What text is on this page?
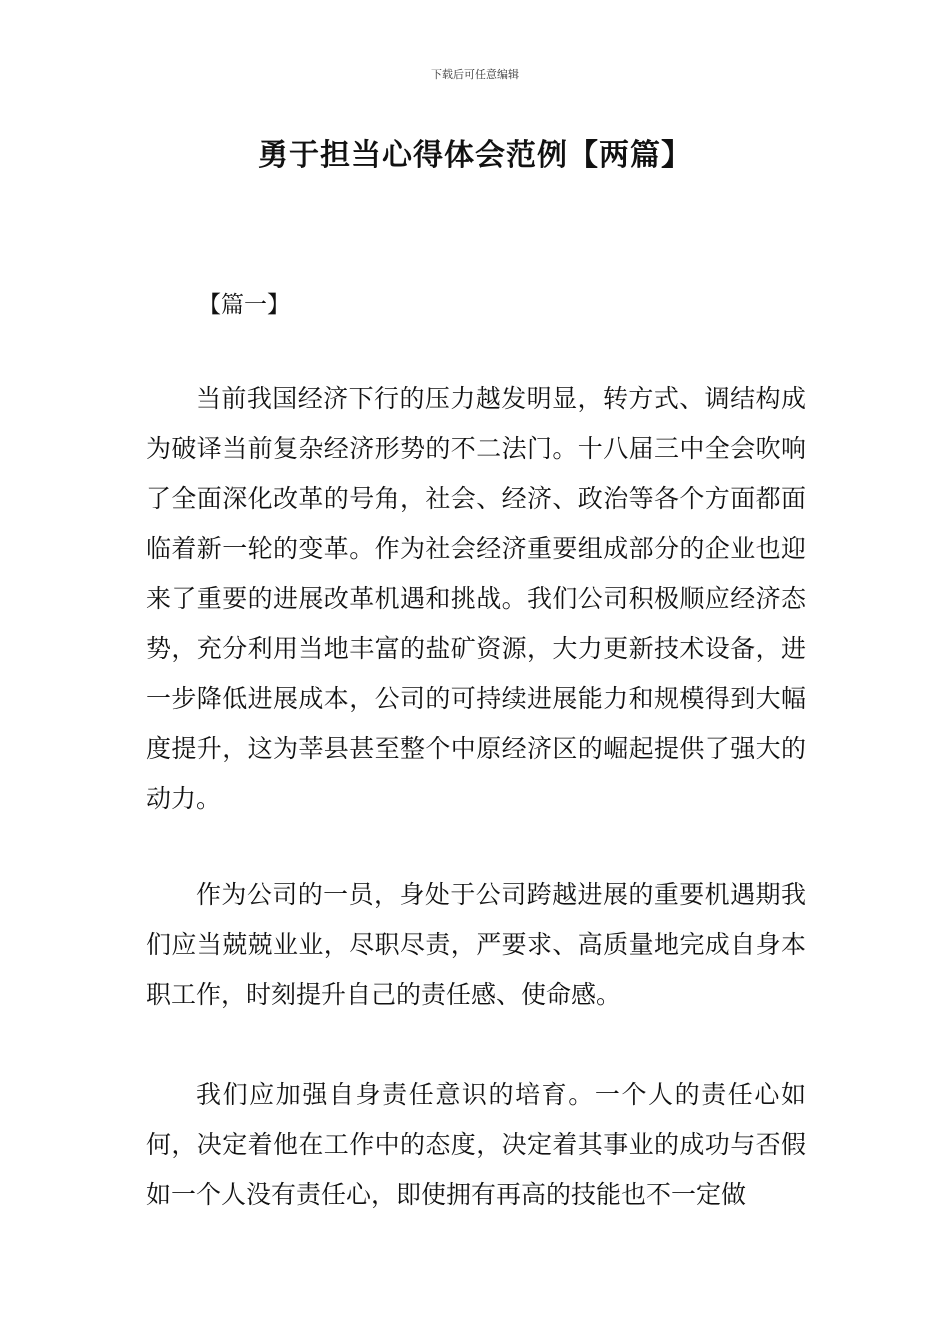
下载后可任意编辑
勇于担当心得体会范例【两篇】
【篇一】

当前我国经济下行的压力越发明显，转方式、调结构成为破译当前复杂经济形势的不二法门。十八届三中全会吹响了全面深化改革的号角，社会、经济、政治等各个方面都面临着新一轮的变革。作为社会经济重要组成部分的企业也迎来了重要的进展改革机遇和挑战。我们公司积极顺应经济态势，充分利用当地丰富的盐矿资源，大力更新技术设备，进一步降低进展成本，公司的可持续进展能力和规模得到大幅度提升，这为莘县甚至整个中原经济区的崛起提供了强大的动力。

作为公司的一员，身处于公司跨越进展的重要机遇期我们应当兢兢业业，尽职尽责，严要求、高质量地完成自身本职工作，时刻提升自己的责任感、使命感。

我们应加强自身责任意识的培育。一个人的责任心如何，决定着他在工作中的态度，决定着其事业的成功与否假如一个人没有责任心，即使拥有再高的技能也不一定做
